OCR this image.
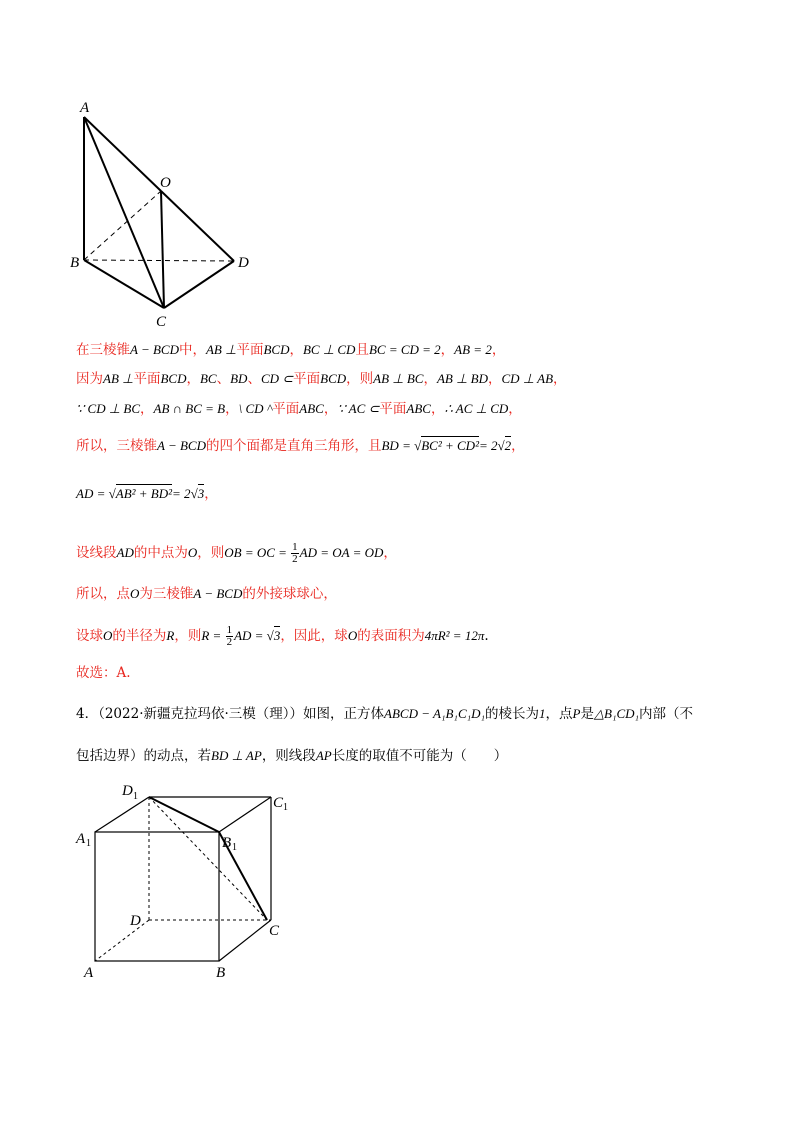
A
O
B	D
C
在三棱锥A − BCD中，AB ⊥平面BCD，BC ⊥ CD且BC = CD = 2，AB = 2，
因为AB ⊥平面BCD，BC、BD、CD ⊂平面BCD，则AB ⊥ BC，AB ⊥ BD，CD ⊥ AB，
∵ CD ⊥ BC，AB ∩ BC = B，\ CD ^平面ABC，∵ AC ⊂平面ABC，∴ AC ⊥ CD，
所以，三棱锥A − BCD的四个面都是直角三角形，且BD = √BC² + CD²= 2√2，
AD = √AB² + BD²= 2√3，
设线段AD的中点为O，则OB = OC = $\frac{1}{2}$ AD = OA = OD，
所以，点O为三棱锥A − BCD的外接球球心，
设球O的半径为R，则$R = \frac{1}{2}$ AD = √3，因此，球O的表面积为4πR² = 12π.
故选：A.
4．（2022·新疆克拉玛依·三模（理））如图，正方体ABCD − A₁B₁C₁D₁的棱长为1，点P是△B₁CD₁内部（不
包括边界）的动点，若BD ⊥ AP，则线段AP长度的取值不可能为（　　）
D 1	C 1
A 1	B 1
D
C
A	B
